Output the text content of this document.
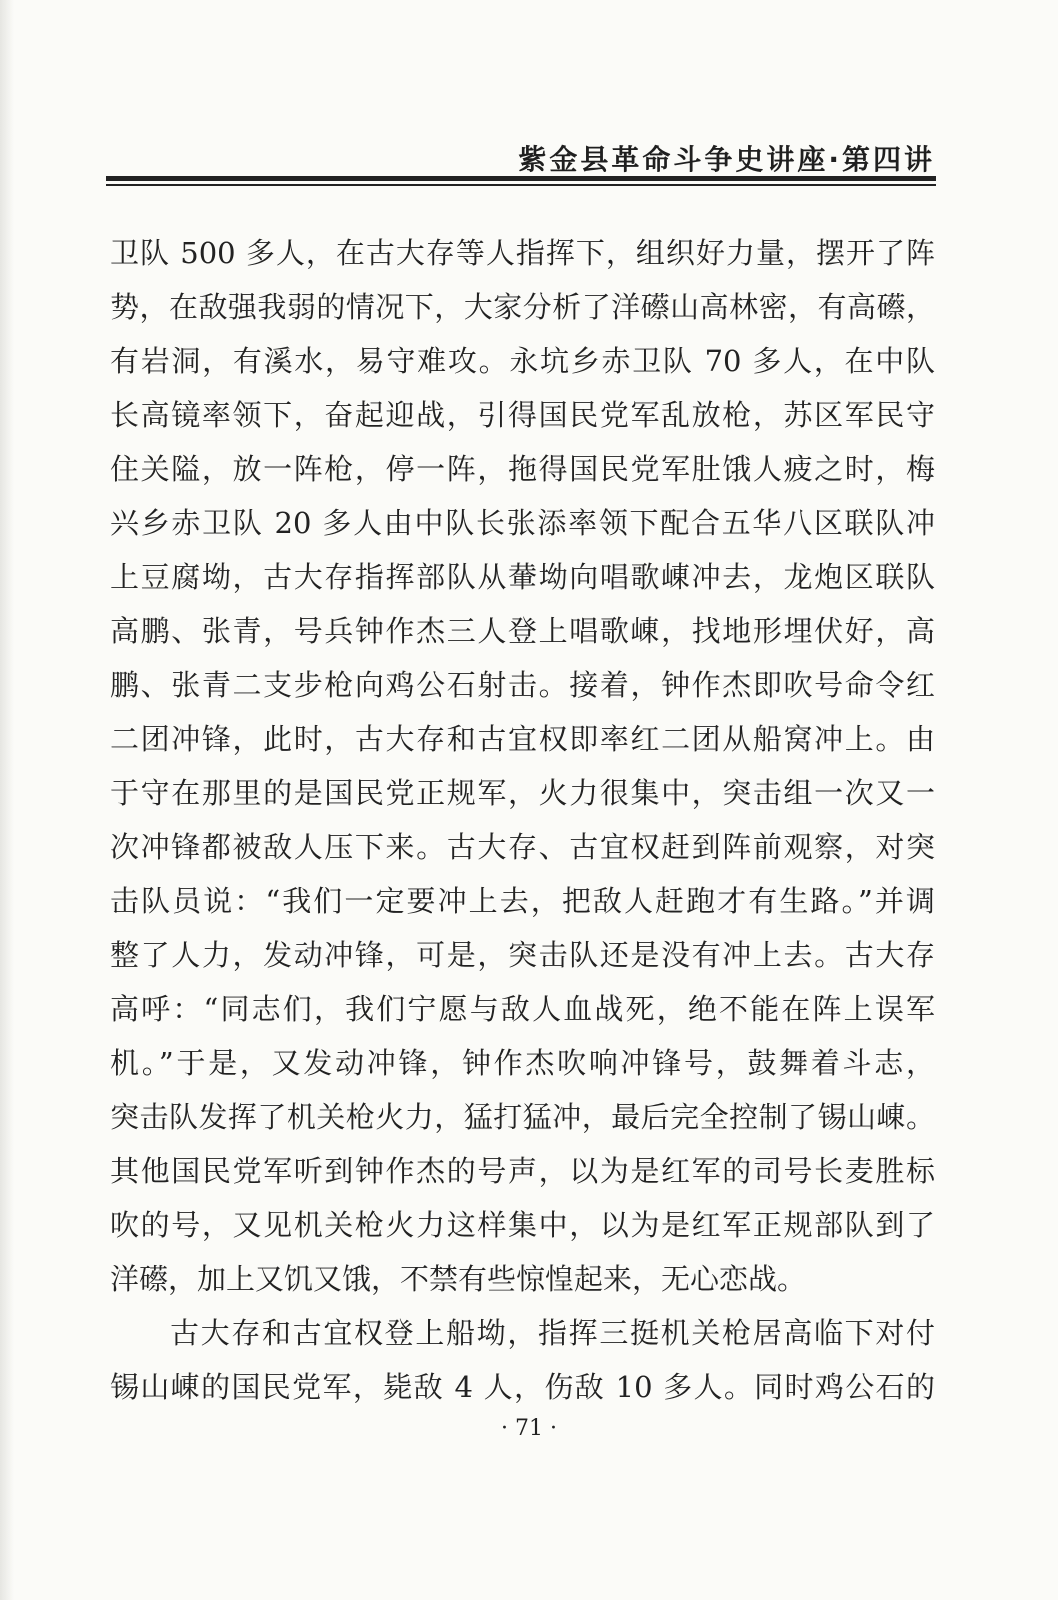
紫金县革命斗争史讲座·第四讲
卫队 500 多人，在古大存等人指挥下，组织好力量，摆开了阵
势，在敌强我弱的情况下，大家分析了洋礤山高林密，有高礤，
有岩洞，有溪水，易守难攻。永坑乡赤卫队 70 多人，在中队
长高镜率领下，奋起迎战，引得国民党军乱放枪，苏区军民守
住关隘，放一阵枪，停一阵，拖得国民党军肚饿人疲之时，梅
兴乡赤卫队 20 多人由中队长张添率领下配合五华八区联队冲
上豆腐坳，古大存指挥部队从輂坳向唱歌崠冲去，龙炮区联队
高鹏、张青，号兵钟作杰三人登上唱歌崠，找地形埋伏好，高
鹏、张青二支步枪向鸡公石射击。接着，钟作杰即吹号命令红
二团冲锋，此时，古大存和古宜权即率红二团从船窝冲上。由
于守在那里的是国民党正规军，火力很集中，突击组一次又一
次冲锋都被敌人压下来。古大存、古宜权赶到阵前观察，对突
击队员说：“我们一定要冲上去，把敌人赶跑才有生路。”并调
整了人力，发动冲锋，可是，突击队还是没有冲上去。古大存
高呼：“同志们，我们宁愿与敌人血战死，绝不能在阵上误军
机。”于是，又发动冲锋，钟作杰吹响冲锋号，鼓舞着斗志，
突击队发挥了机关枪火力，猛打猛冲，最后完全控制了锡山崠。
其他国民党军听到钟作杰的号声，以为是红军的司号长麦胜标
吹的号，又见机关枪火力这样集中，以为是红军正规部队到了
洋礤，加上又饥又饿，不禁有些惊惶起来，无心恋战。
古大存和古宜权登上船坳，指挥三挺机关枪居高临下对付
锡山崠的国民党军，毙敌 4 人，伤敌 10 多人。同时鸡公石的
· 71 ·
